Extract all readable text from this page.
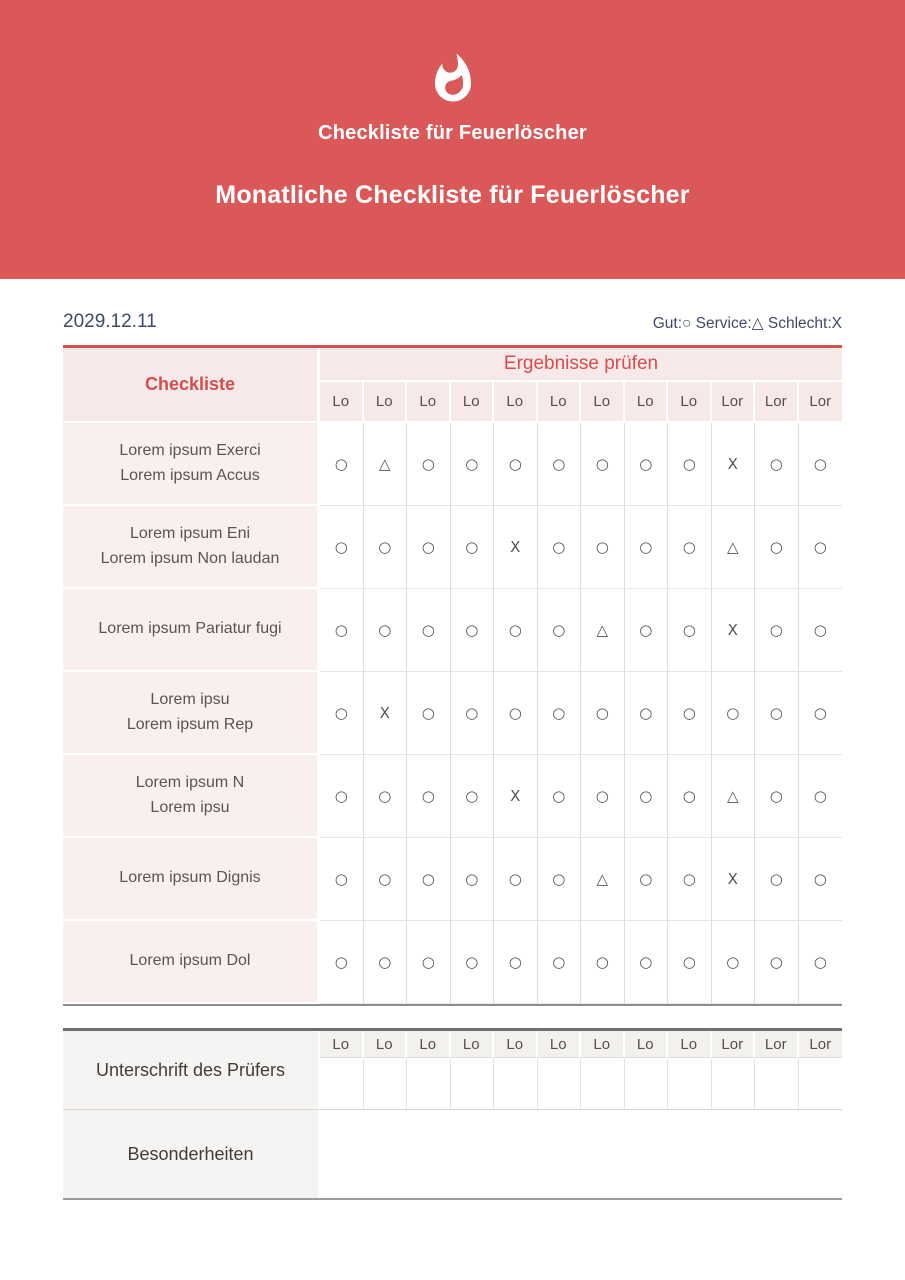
Checkliste für Feuerlöscher
Monatliche Checkliste für Feuerlöscher
2029.12.11	Gut:○ Service:△ Schlecht:X
Checkliste
Ergebnisse prüfen
Lo	Lo	Lo	Lo	Lo	Lo	Lo	Lo	Lo	Lor	Lor	Lor
Lorem ipsum Exerci
Lorem ipsum Accus
○	△	○	○	○	○	○	○	○	X	○	○
Lorem ipsum Eni
Lorem ipsum Non laudan
○	○	○	○	X	○	○	○	○	△	○	○
Lorem ipsum Pariatur fugi	○	○	○	○	○	○	△	○	○	X	○	○
Lorem ipsu
Lorem ipsum Rep
○	X	○	○	○	○	○	○	○	○	○	○
Lorem ipsum N
Lorem ipsu
○	○	○	○	X	○	○	○	○	△	○	○
Lorem ipsum Dignis	○	○	○	○	○	○	△	○	○	X	○	○
Lorem ipsum Dol	○	○	○	○	○	○	○	○	○	○	○	○
Unterschrift des Prüfers
Lo	Lo	Lo	Lo	Lo	Lo	Lo	Lo	Lo	Lor	Lor	Lor
Besonderheiten
